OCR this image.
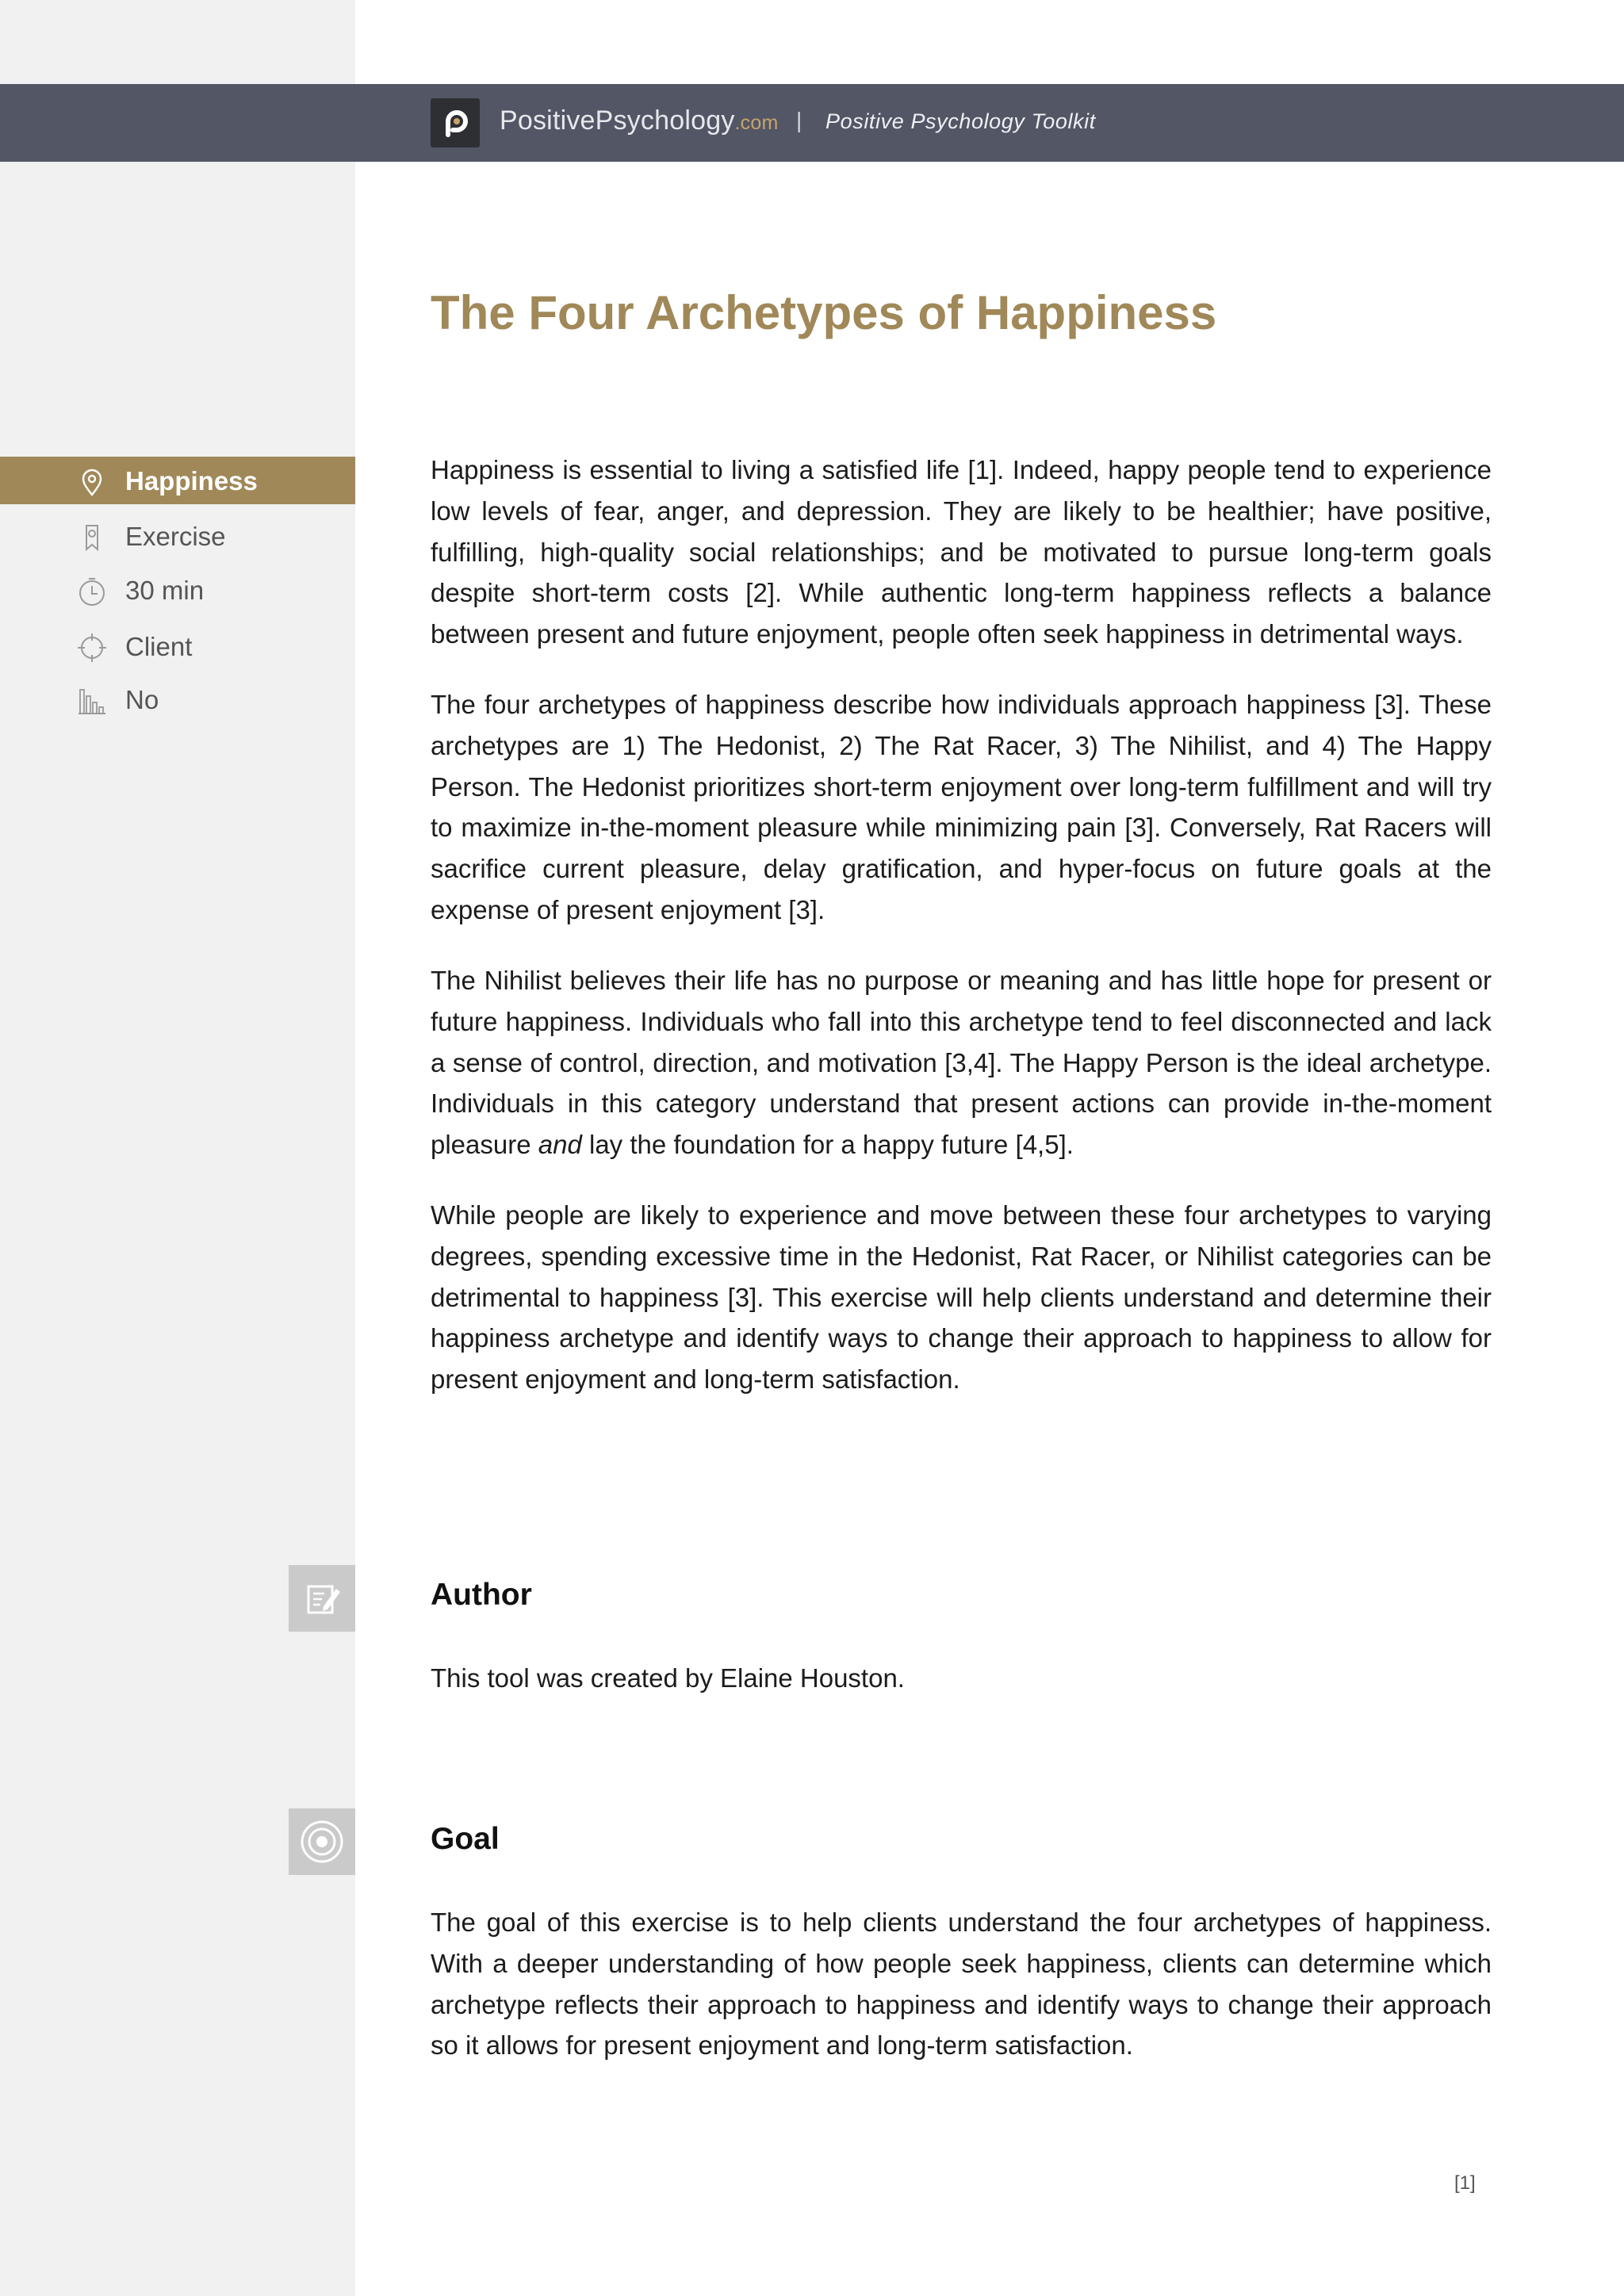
PositivePsychology.com | Positive Psychology Toolkit
The Four Archetypes of Happiness
Happiness
Exercise
30 min
Client
No

Happiness is essential to living a satisfied life [1]. Indeed, happy people tend to experience low levels of fear, anger, and depression. They are likely to be healthier; have positive, fulfilling, high-quality social relationships; and be motivated to pursue long-term goals despite short-term costs [2]. While authentic long-term happiness reflects a balance between present and future enjoyment, people often seek happiness in detrimental ways.

The four archetypes of happiness describe how individuals approach happiness [3]. These archetypes are 1) The Hedonist, 2) The Rat Racer, 3) The Nihilist, and 4) The Happy Person. The Hedonist prioritizes short-term enjoyment over long-term fulfillment and will try to maximize in-the-moment pleasure while minimizing pain [3]. Conversely, Rat Racers will sacrifice current pleasure, delay gratification, and hyper-focus on future goals at the expense of present enjoyment [3].

The Nihilist believes their life has no purpose or meaning and has little hope for present or future happiness. Individuals who fall into this archetype tend to feel disconnected and lack a sense of control, direction, and motivation [3,4]. The Happy Person is the ideal archetype. Individuals in this category understand that present actions can provide in-the-moment pleasure and lay the foundation for a happy future [4,5].

While people are likely to experience and move between these four archetypes to varying degrees, spending excessive time in the Hedonist, Rat Racer, or Nihilist categories can be detrimental to happiness [3]. This exercise will help clients understand and determine their happiness archetype and identify ways to change their approach to happiness to allow for present enjoyment and long-term satisfaction.

Author

This tool was created by Elaine Houston.

Goal

The goal of this exercise is to help clients understand the four archetypes of happiness. With a deeper understanding of how people seek happiness, clients can determine which archetype reflects their approach to happiness and identify ways to change their approach so it allows for present enjoyment and long-term satisfaction.

[1]
